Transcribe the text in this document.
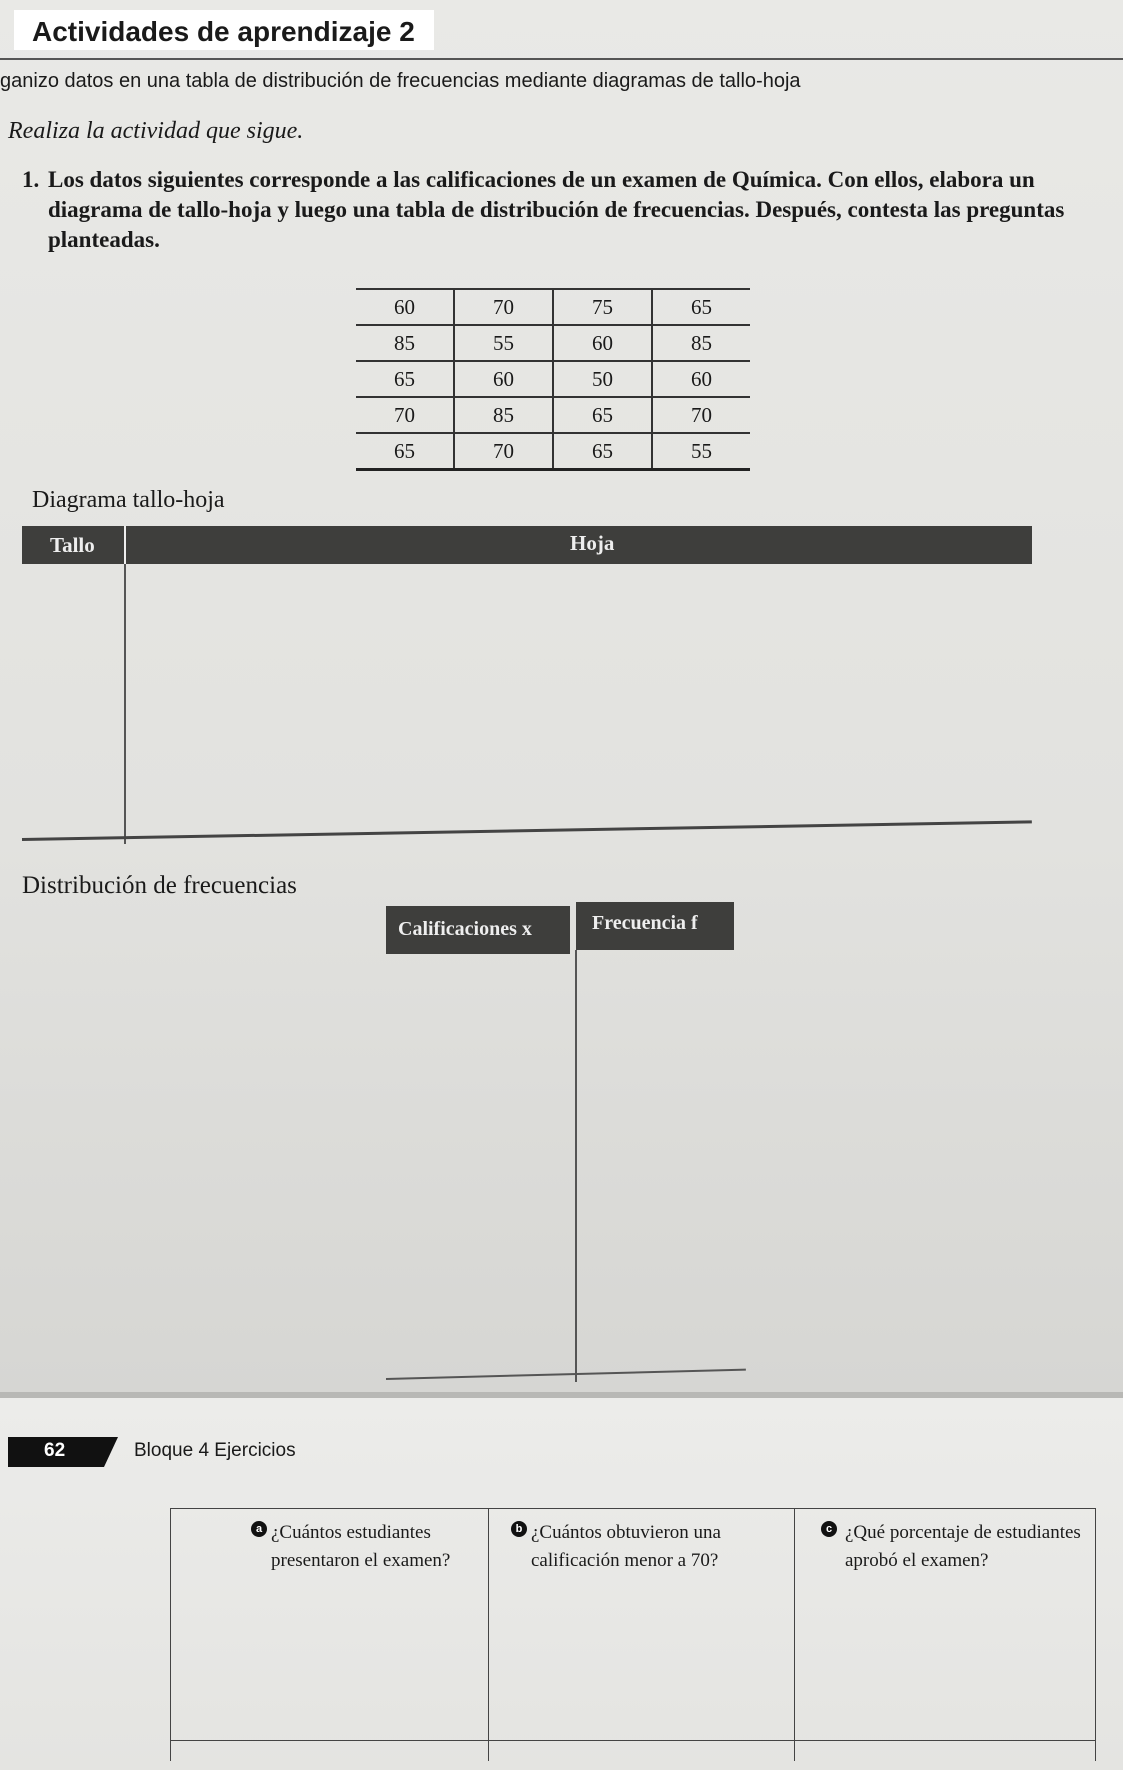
Actividades de aprendizaje 2
ganizo datos en una tabla de distribución de frecuencias mediante diagramas de tallo-hoja
Realiza la actividad que sigue.
1. Los datos siguientes corresponde a las calificaciones de un examen de Química. Con ellos, elabora un diagrama de tallo-hoja y luego una tabla de distribución de frecuencias. Después, contesta las preguntas planteadas.
60	70	75	65
85	55	60	85
65	60	50	60
70	85	65	70
65	70	65	55
Diagrama tallo-hoja
Tallo	Hoja
Distribución de frecuencias
Calificaciones x	Frecuencia f
62	Bloque 4 Ejercicios
a ¿Cuántos estudiantes presentaron el examen?
b ¿Cuántos obtuvieron una calificación menor a 70?
c ¿Qué porcentaje de estudiantes aprobó el examen?
